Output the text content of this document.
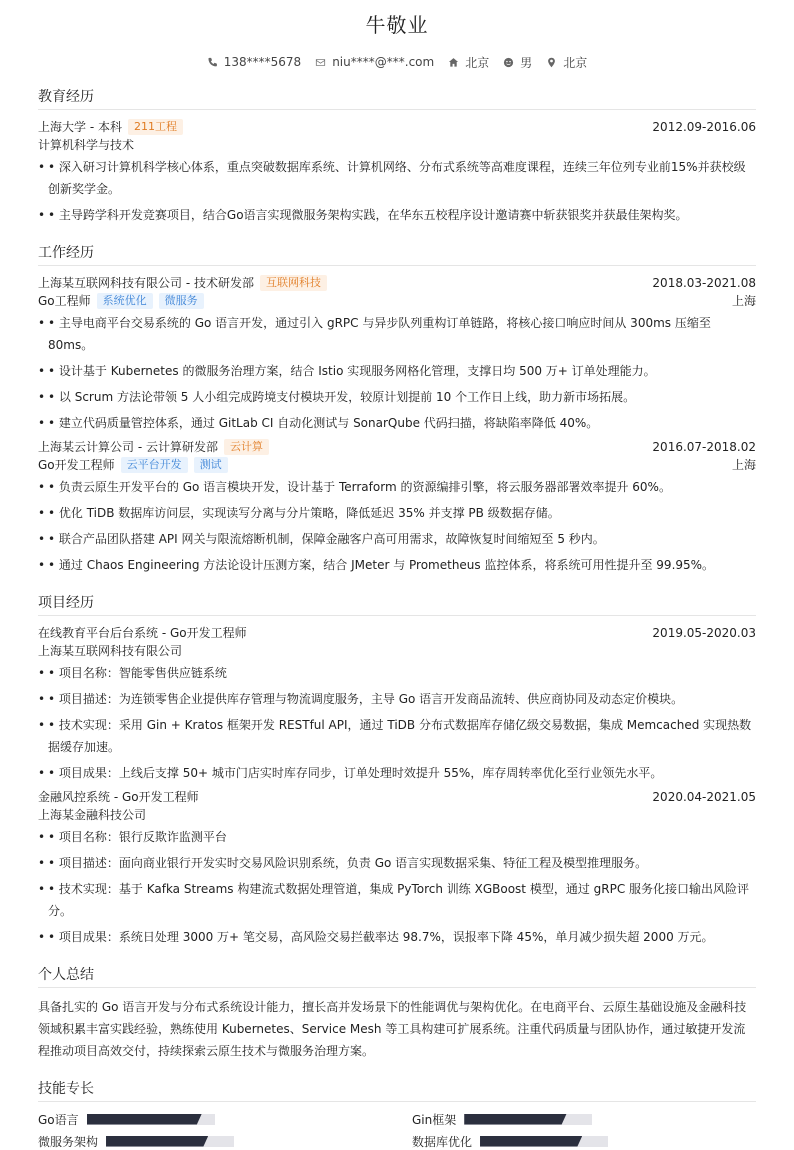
牛敬业
138****5678	niu****@***.com	北京	男	北京
教育经历
上海大学 - 本科	211工程	2012.09-2016.06
计算机科学与技术
• • 深入研习计算机科学核心体系，重点突破数据库系统、计算机网络、分布式系统等高难度课程，连续三年位列专业前15%并获校级创新奖学金。
• • 主导跨学科开发竞赛项目，结合Go语言实现微服务架构实践，在华东五校程序设计邀请赛中斩获银奖并获最佳架构奖。
工作经历
上海某互联网科技有限公司 - 技术研发部	互联网科技	2018.03-2021.08
Go工程师	系统优化	微服务	上海
• • 主导电商平台交易系统的 Go 语言开发，通过引入 gRPC 与异步队列重构订单链路，将核心接口响应时间从 300ms 压缩至 80ms。
• • 设计基于 Kubernetes 的微服务治理方案，结合 Istio 实现服务网格化管理，支撑日均 500 万+ 订单处理能力。
• • 以 Scrum 方法论带领 5 人小组完成跨境支付模块开发，较原计划提前 10 个工作日上线，助力新市场拓展。
• • 建立代码质量管控体系，通过 GitLab CI 自动化测试与 SonarQube 代码扫描，将缺陷率降低 40%。
上海某云计算公司 - 云计算研发部	云计算	2016.07-2018.02
Go开发工程师	云平台开发	测试	上海
• • 负责云原生开发平台的 Go 语言模块开发，设计基于 Terraform 的资源编排引擎，将云服务器部署效率提升 60%。
• • 优化 TiDB 数据库访问层，实现读写分离与分片策略，降低延迟 35% 并支撑 PB 级数据存储。
• • 联合产品团队搭建 API 网关与限流熔断机制，保障金融客户高可用需求，故障恢复时间缩短至 5 秒内。
• • 通过 Chaos Engineering 方法论设计压测方案，结合 JMeter 与 Prometheus 监控体系，将系统可用性提升至 99.95%。
项目经历
在线教育平台后台系统 - Go开发工程师	2019.05-2020.03
上海某互联网科技有限公司
• • 项目名称：智能零售供应链系统
• • 项目描述：为连锁零售企业提供库存管理与物流调度服务，主导 Go 语言开发商品流转、供应商协同及动态定价模块。
• • 技术实现：采用 Gin + Kratos 框架开发 RESTful API，通过 TiDB 分布式数据库存储亿级交易数据，集成 Memcached 实现热数据缓存加速。
• • 项目成果：上线后支撑 50+ 城市门店实时库存同步，订单处理时效提升 55%，库存周转率优化至行业领先水平。
金融风控系统 - Go开发工程师	2020.04-2021.05
上海某金融科技公司
• • 项目名称：银行反欺诈监测平台
• • 项目描述：面向商业银行开发实时交易风险识别系统，负责 Go 语言实现数据采集、特征工程及模型推理服务。
• • 技术实现：基于 Kafka Streams 构建流式数据处理管道，集成 PyTorch 训练 XGBoost 模型，通过 gRPC 服务化接口输出风险评分。
• • 项目成果：系统日处理 3000 万+ 笔交易，高风险交易拦截率达 98.7%，误报率下降 45%，单月减少损失超 2000 万元。
个人总结
具备扎实的 Go 语言开发与分布式系统设计能力，擅长高并发场景下的性能调优与架构优化。在电商平台、云原生基础设施及金融科技领域积累丰富实践经验，熟练使用 Kubernetes、Service Mesh 等工具构建可扩展系统。注重代码质量与团队协作，通过敏捷开发流程推动项目高效交付，持续探索云原生技术与微服务治理方案。
技能专长
Go语言	Gin框架
微服务架构	数据库优化
